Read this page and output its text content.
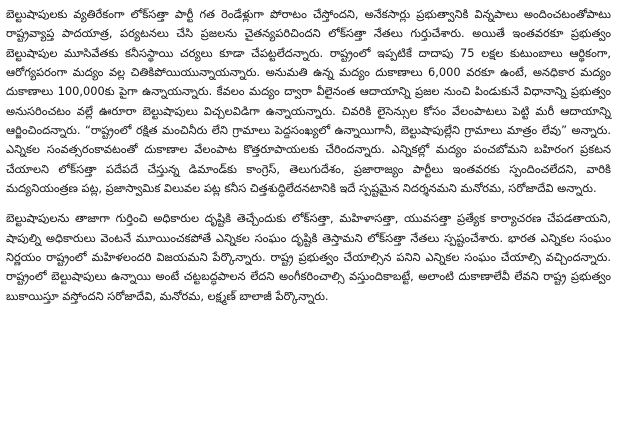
బెల్టుషాపులకు వ్యతిరేకంగా లోక్‌సత్తా పార్టీ గత రెండేళ్లుగా పోరాటం చేస్తోందని, అనేకసార్లు ప్రభుత్వానికి విన్నపాలు అందించటంతోపాటు రాష్ట్రవ్యాప్త పాదయాత్ర, పర్యటనలు చేసి ప్రజలను చైతన్యపరిచిందని లోక్‌సత్తా నేతలు గుర్తుచేశారు. అయితే ఇంతవరకూ ప్రభుత్వం బెల్టుషాపుల మూసివేతకు కనీసస్థాయి చర్యలు కూడా చేపట్టలేదన్నారు. రాష్ట్రంలో ఇప్పటికే దాదాపు 75 లక్షల కుటుంబాలు ఆర్థికంగా, ఆరోగ్యపరంగా మద్యం వల్ల చితికిపోయియున్నాయన్నారు. అనుమతి ఉన్న మద్యం దుకాణాలు 6,000 వరకూ ఉంటే, అనధికార మద్యం దుకాణాలు 100,000కు పైగా ఉన్నాయన్నారు. కేవలం మద్యం ద్వారా వీలైనంత ఆదాయాన్ని ప్రజల నుంచి పిండుకునే విధానాన్ని ప్రభుత్వం అనుసరించటం వల్లే ఊరూరా బెల్టుషాపులు విచ్చలవిడిగా ఉన్నాయన్నారు. చివరికి లైసెన్సుల కోసం వేలంపాటలు పెట్టి మరీ ఆదాయాన్ని ఆర్జించిందన్నారు. “రాష్ట్రంలో రక్షిత మంచినీరు లేని గ్రామాలు పెద్దసంఖ్యలో ఉన్నాయిగానీ, బెల్టుషాపుల్లేని గ్రామాలు మాత్రం లేవు” అన్నారు. ఎన్నికల సంవత్సరంకావటంతో దుకాణాల వేలంపాట కొత్తరూపాయలకు చేరిందన్నారు. ఎన్నికల్లో మద్యం పంచబోమని బహిరంగ ప్రకటన చేయాలని లోక్‌సత్తా పదేపదే చేస్తున్న డిమాండ్‌కు కాంగ్రెస్, తెలుగుదేశం, ప్రజారాజ్యం పార్టీలు ఇంతవరకు స్పందించలేదని, వారికి మద్యనియంత్రణ పట్ల, ప్రజాస్వామిక విలువల పట్ల కనీస చిత్తశుద్ధిలేదనటానికి ఇదే స్పష్టమైన నిదర్శనమని మనోరమ, సరోజాదేవి అన్నారు.

బెల్టుషాపులను తాజాగా గుర్తించి అధికారుల దృష్టికి తెచ్చేందుకు లోక్‌సత్తా, మహిళాసత్తా, యువసత్తా ప్రత్యేక కార్యాచరణ చేపడతాయని, షాపుల్ని అధికారులు వెంటనే మూయించకపోతే ఎన్నికల సంఘం దృష్టికి తెస్తామని లోక్‌సత్తా నేతలు స్పష్టంచేశారు. భారత ఎన్నికల సంఘం నిర్ణయం రాష్ట్రంలో మహిళలందరి విజయమని పేర్కొన్నారు. రాష్ట్ర ప్రభుత్వం చేయాల్సిన పనిని ఎన్నికల సంఘం చేయాల్సి వచ్చిందన్నారు. రాష్ట్రంలో బెల్టుషాపులు ఉన్నాయి అంటే చట్టబద్ధపాలన లేదని అంగీకరించాల్సి వస్తుందికాబట్టే, అలాంటి దుకాణాలేవీ లేవని రాష్ట్ర ప్రభుత్వం బుకాయిస్తూ వస్తోందని సరోజాదేవి, మనోరమ, లక్ష్మణ్ బాలాజీ పేర్కొన్నారు.
